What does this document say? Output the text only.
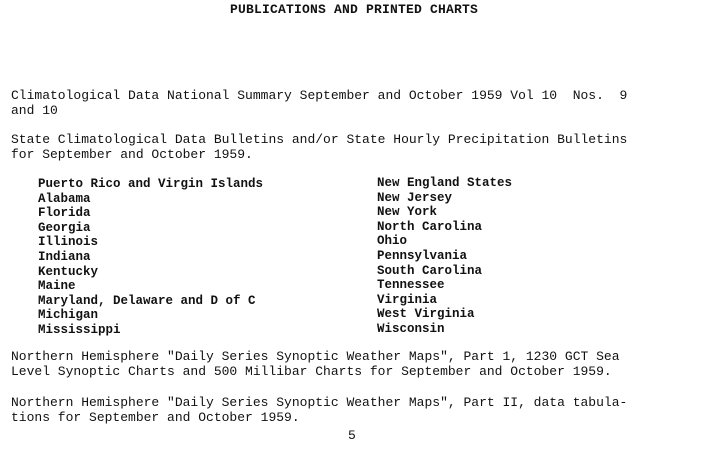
PUBLICATIONS AND PRINTED CHARTS

Climatological Data National Summary September and October 1959 Vol 10  Nos.  9
and 10

State Climatological Data Bulletins and/or State Hourly Precipitation Bulletins
for September and October 1959.

Puerto Rico and Virgin Islands
Alabama
Florida
Georgia
Illinois
Indiana
Kentucky
Maine
Maryland, Delaware and D of C
Michigan
Mississippi
New England States
New Jersey
New York
North Carolina
Ohio
Pennsylvania
South Carolina
Tennessee
Virginia
West Virginia
Wisconsin

Northern Hemisphere "Daily Series Synoptic Weather Maps", Part 1, 1230 GCT Sea
Level Synoptic Charts and 500 Millibar Charts for September and October 1959.

Northern Hemisphere "Daily Series Synoptic Weather Maps", Part II, data tabula-
tions for September and October 1959.

5
